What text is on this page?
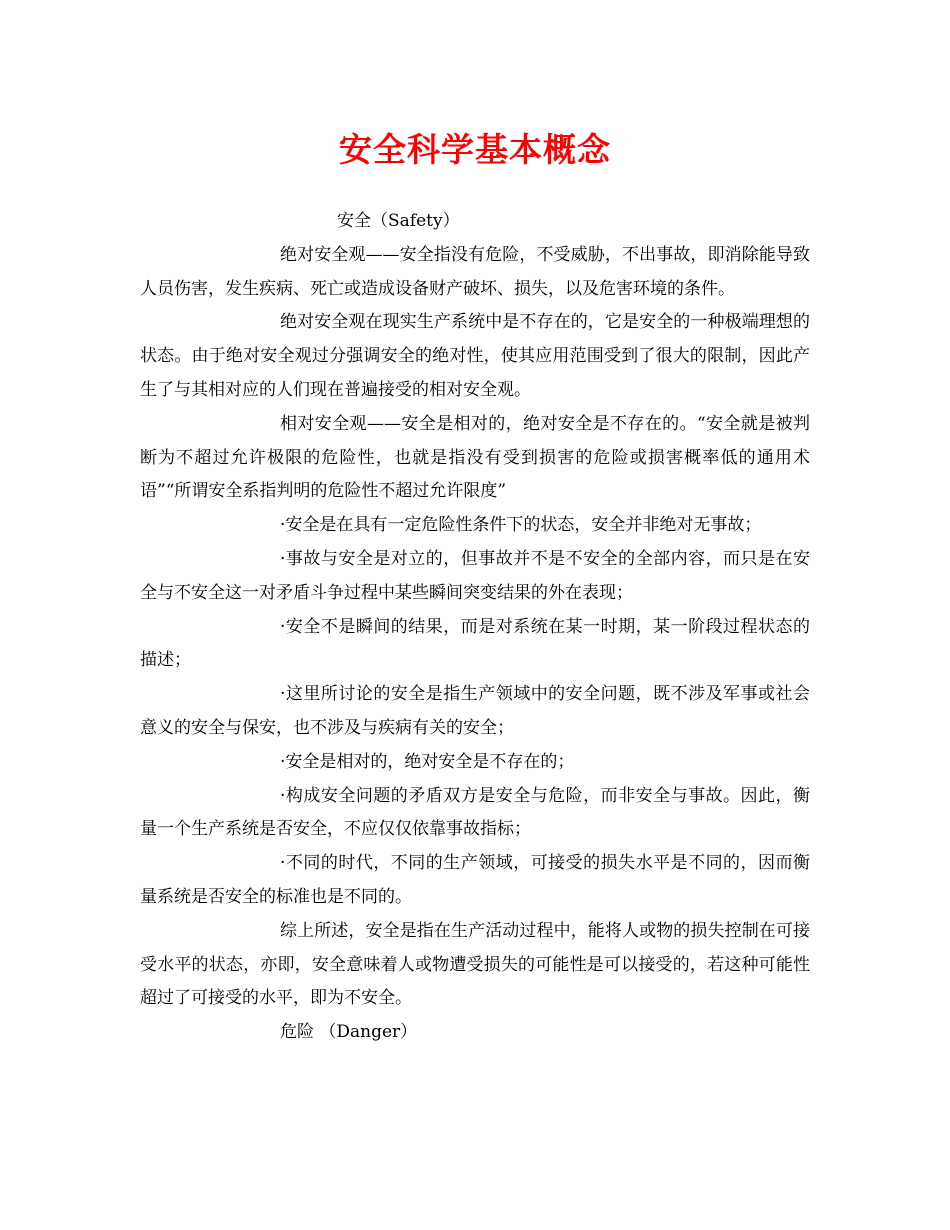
安全科学基本概念

安全（Safety）

绝对安全观——安全指没有危险，不受威胁，不出事故，即消除能导致人员伤害，发生疾病、死亡或造成设备财产破坏、损失，以及危害环境的条件。

绝对安全观在现实生产系统中是不存在的，它是安全的一种极端理想的状态。由于绝对安全观过分强调安全的绝对性，使其应用范围受到了很大的限制，因此产生了与其相对应的人们现在普遍接受的相对安全观。

相对安全观——安全是相对的，绝对安全是不存在的。“安全就是被判断为不超过允许极限的危险性，也就是指没有受到损害的危险或损害概率低的通用术语”“所谓安全系指判明的危险性不超过允许限度”

·安全是在具有一定危险性条件下的状态，安全并非绝对无事故；

·事故与安全是对立的，但事故并不是不安全的全部内容，而只是在安全与不安全这一对矛盾斗争过程中某些瞬间突变结果的外在表现；

·安全不是瞬间的结果，而是对系统在某一时期，某一阶段过程状态的描述；

·这里所讨论的安全是指生产领域中的安全问题，既不涉及军事或社会意义的安全与保安，也不涉及与疾病有关的安全；

·安全是相对的，绝对安全是不存在的；

·构成安全问题的矛盾双方是安全与危险，而非安全与事故。因此，衡量一个生产系统是否安全，不应仅仅依靠事故指标；

·不同的时代，不同的生产领域，可接受的损失水平是不同的，因而衡量系统是否安全的标准也是不同的。

综上所述，安全是指在生产活动过程中，能将人或物的损失控制在可接受水平的状态，亦即，安全意味着人或物遭受损失的可能性是可以接受的，若这种可能性超过了可接受的水平，即为不安全。

危险 （Danger）
